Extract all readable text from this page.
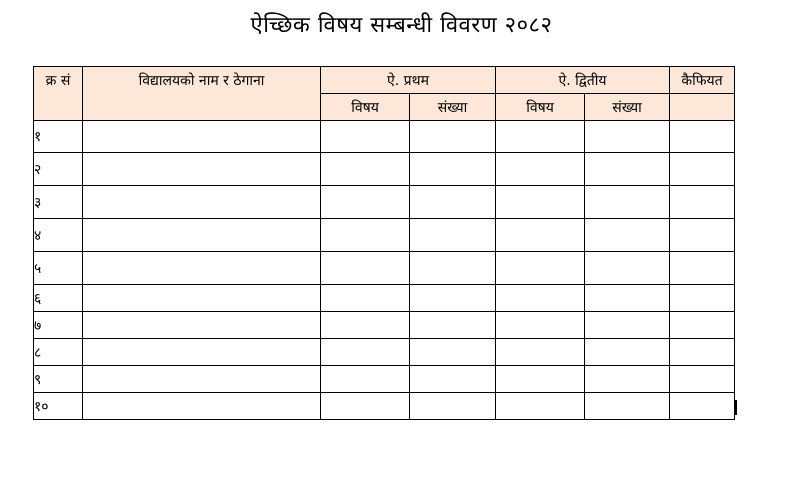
ऐच्छिक विषय सम्बन्धी विवरण २०८२
क्र सं	विद्यालयको नाम र ठेगाना	ऐ. प्रथम		ऐ. द्वितीय		कैफियत
		विषय	संख्या	विषय	संख्या	
१						
२						
३						
४						
५						
६						
७						
८						
९						
१०						
